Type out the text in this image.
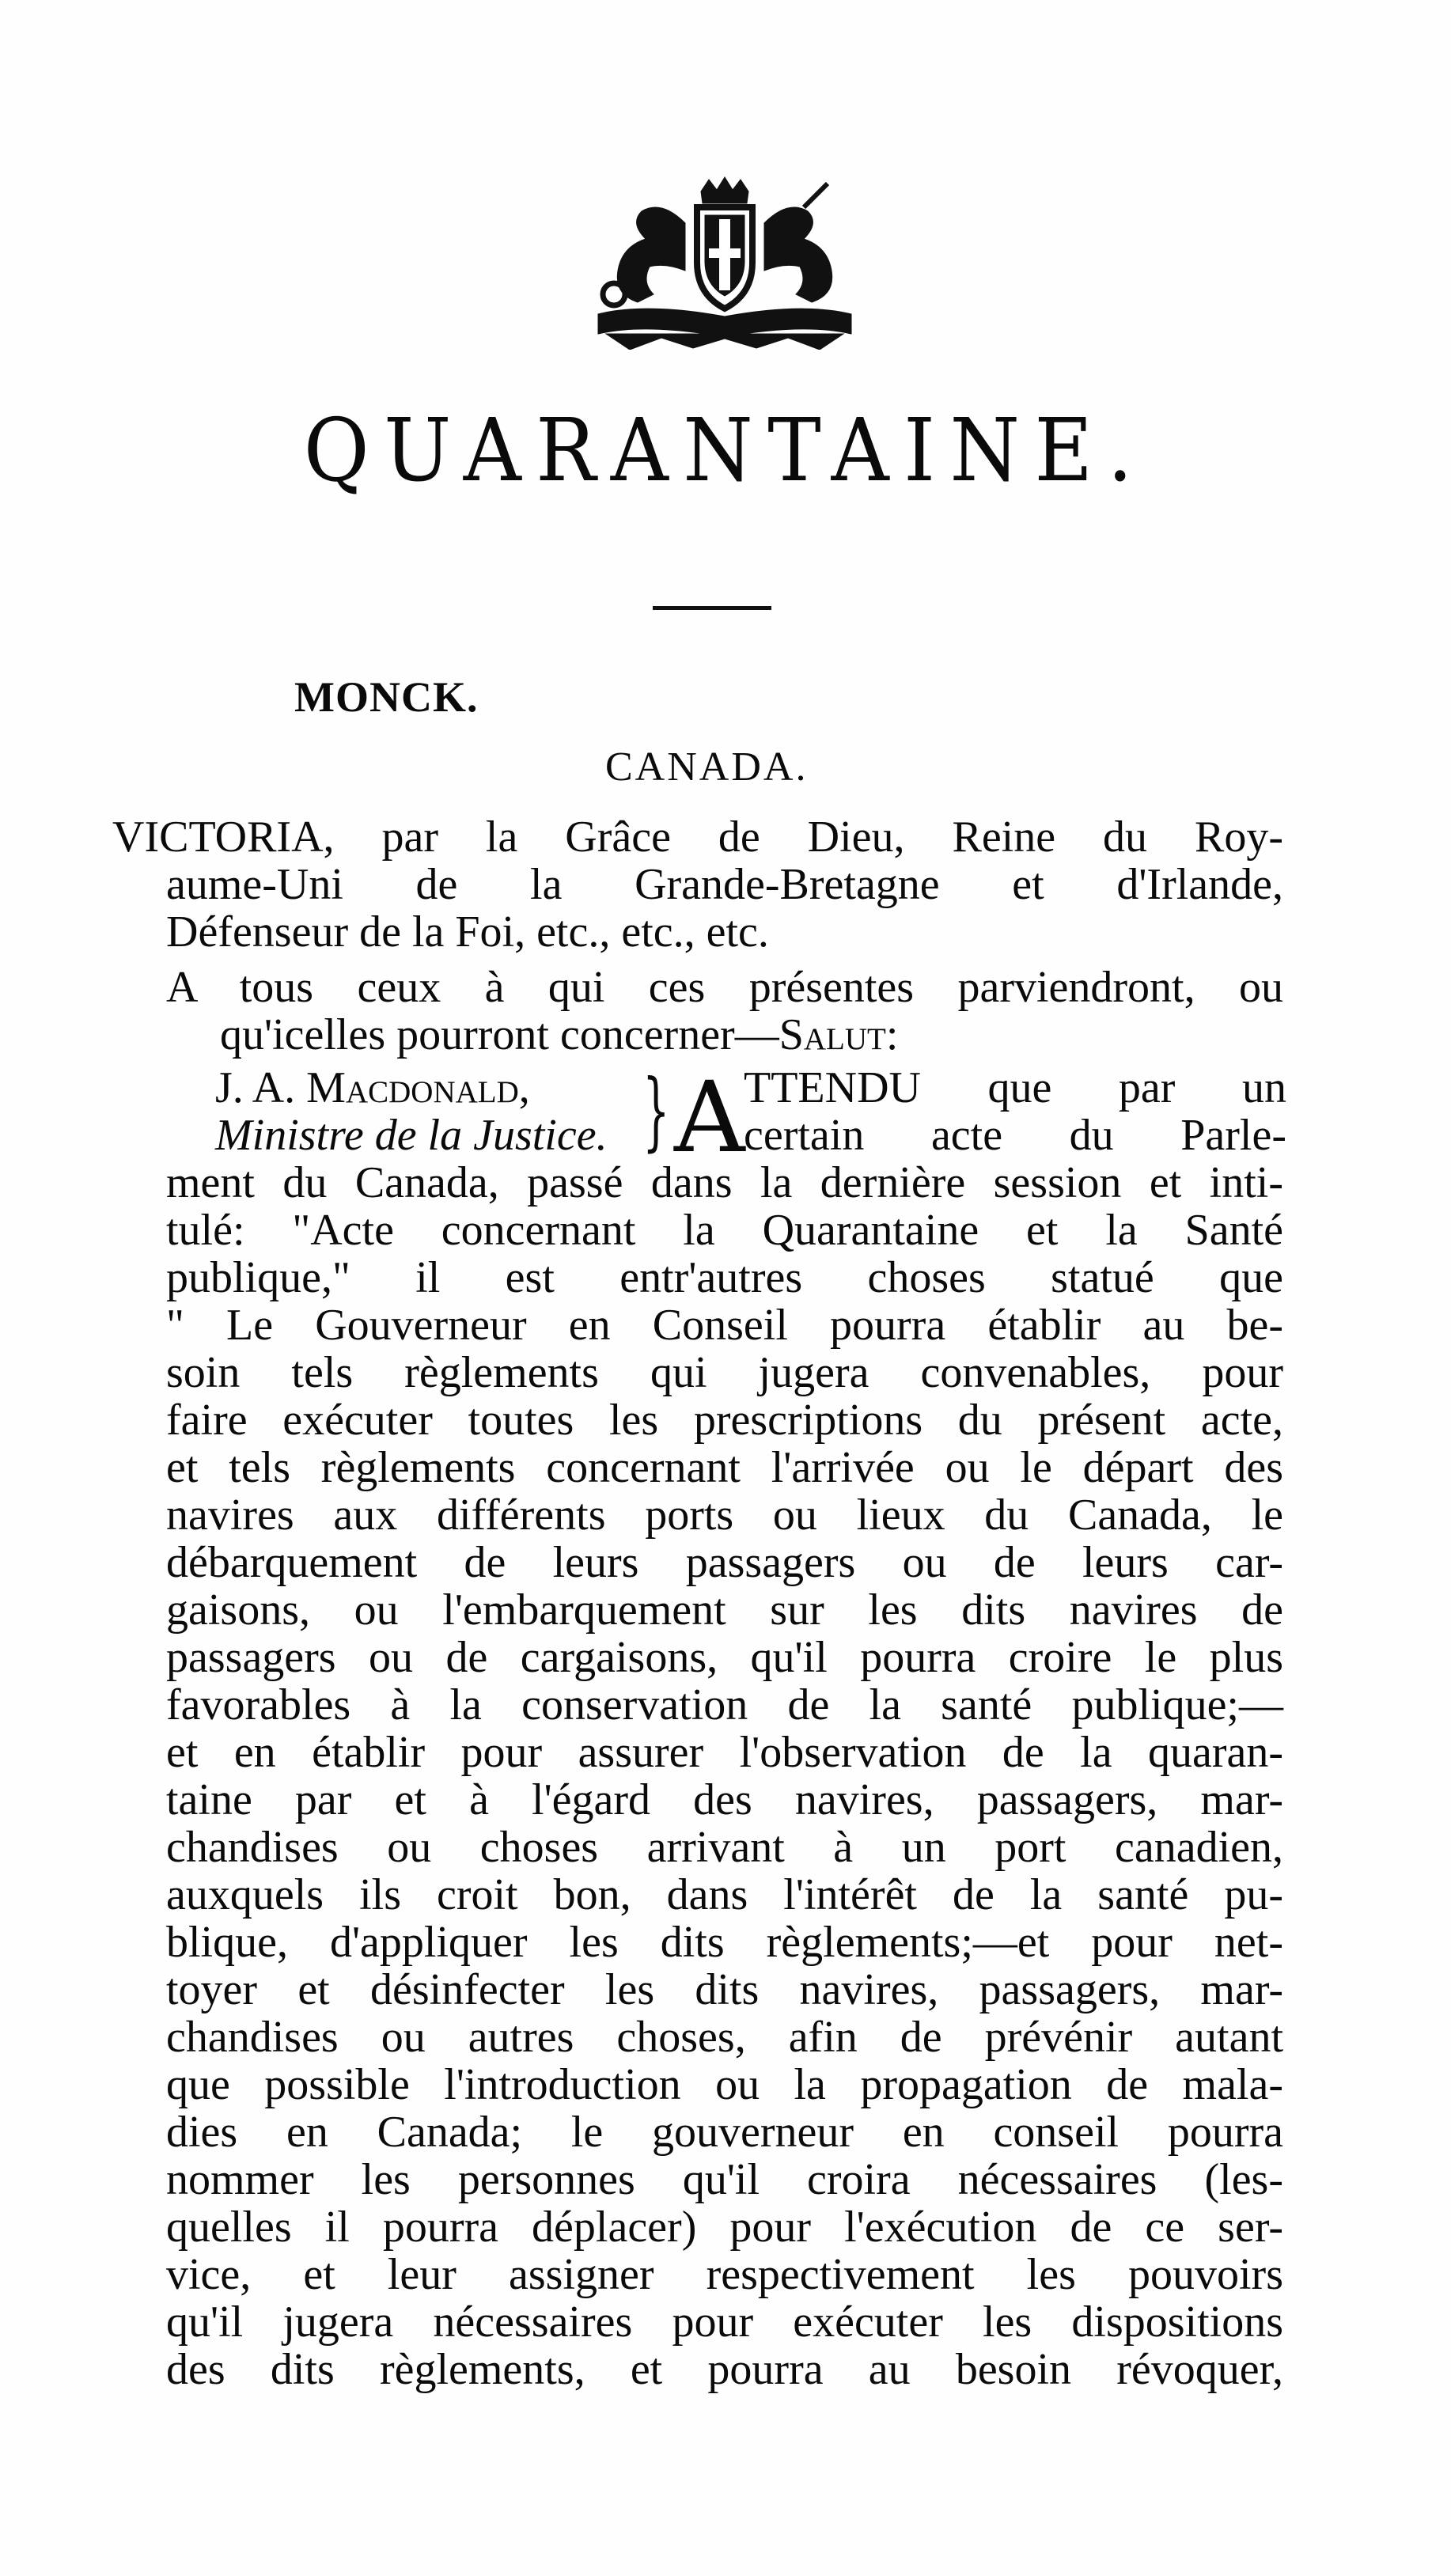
QUARANTAINE.
MONCK.
CANADA.

VICTORIA, par la Grâce de Dieu, Reine du Roy-
aume-Uni de la Grande-Bretagne et d'Irlande,
Défenseur de la Foi, etc., etc., etc.

A tous ceux à qui ces présentes parviendront, ou
qu'icelles pourront concerner—Salut:
J. A. Macdonald,
Ministre de la Justice. } A
TTENDU que par un
certain acte du Parle-
ment du Canada, passé dans la dernière session et inti-
tulé: "Acte concernant la Quarantaine et la Santé
publique," il est entr'autres choses statué que
" Le Gouverneur en Conseil pourra établir au be-
soin tels règlements qui jugera convenables, pour
faire exécuter toutes les prescriptions du présent acte,
et tels règlements concernant l'arrivée ou le départ des
navires aux différents ports ou lieux du Canada, le
débarquement de leurs passagers ou de leurs car-
gaisons, ou l'embarquement sur les dits navires de
passagers ou de cargaisons, qu'il pourra croire le plus
favorables à la conservation de la santé publique;—
et en établir pour assurer l'observation de la quaran-
taine par et à l'égard des navires, passagers, mar-
chandises ou choses arrivant à un port canadien,
auxquels ils croit bon, dans l'intérêt de la santé pu-
blique, d'appliquer les dits règlements;—et pour net-
toyer et désinfecter les dits navires, passagers, mar-
chandises ou autres choses, afin de prévénir autant
que possible l'introduction ou la propagation de mala-
dies en Canada; le gouverneur en conseil pourra
nommer les personnes qu'il croira nécessaires (les-
quelles il pourra déplacer) pour l'exécution de ce ser-
vice, et leur assigner respectivement les pouvoirs
qu'il jugera nécessaires pour exécuter les dispositions
des dits règlements, et pourra au besoin révoquer,
